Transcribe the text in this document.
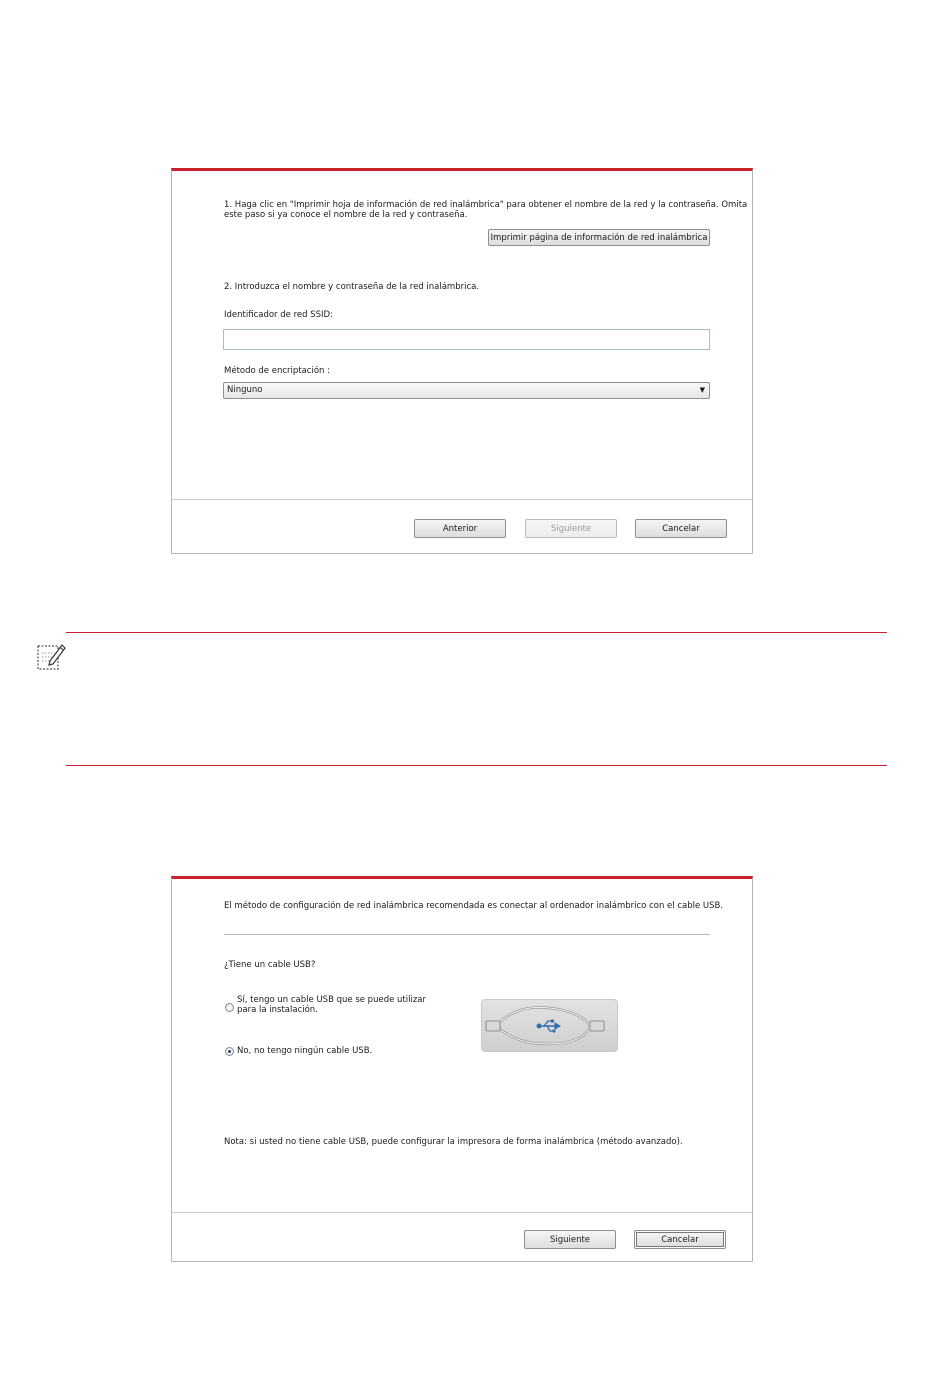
1. Haga clic en "Imprimir hoja de información de red inalámbrica" para obtener el nombre de la red y la contraseña. Omita
este paso si ya conoce el nombre de la red y contraseña.
Imprimir página de información de red inalámbrica
2. Introduzca el nombre y contraseña de la red inalámbrica.
Identificador de red SSID:
Método de encriptación :
Ninguno	▼
Anterior	Siguiente	Cancelar
El método de configuración de red inalámbrica recomendada es conectar al ordenador inalámbrico con el cable USB.
¿Tiene un cable USB?
Sí, tengo un cable USB que se puede utilizar
para la instalación.
No, no tengo ningún cable USB.
Nota: si usted no tiene cable USB, puede configurar la impresora de forma inalámbrica (método avanzado).
Siguiente	Cancelar
